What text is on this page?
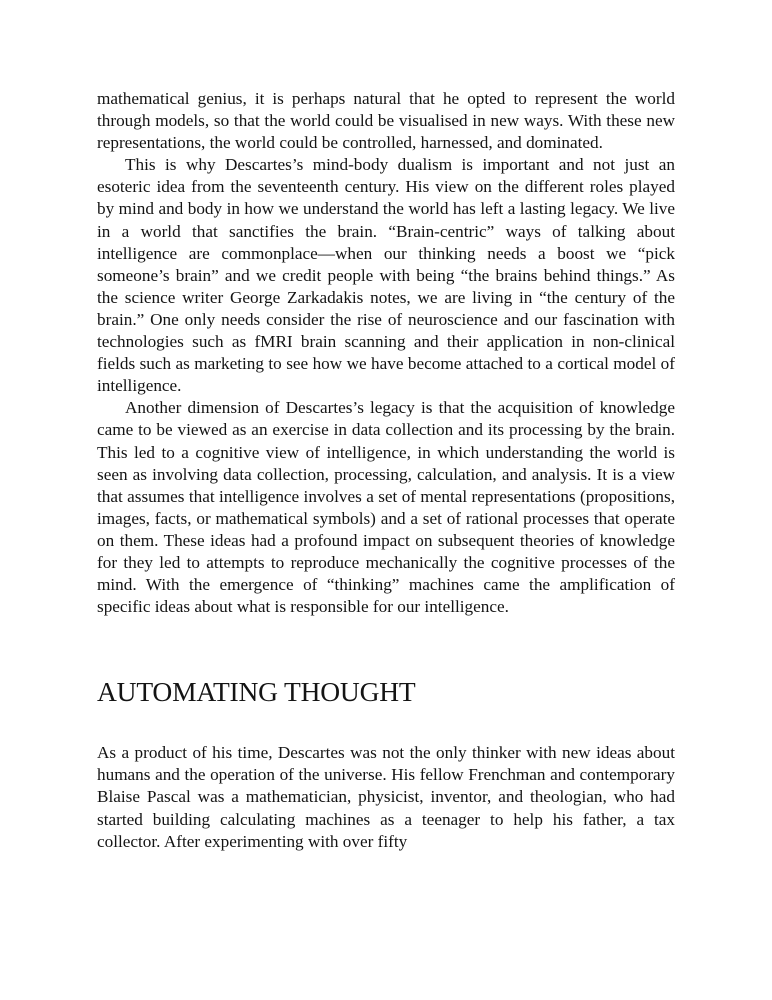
mathematical genius, it is perhaps natural that he opted to represent the world through models, so that the world could be visualised in new ways. With these new representations, the world could be controlled, harnessed, and dominated.

This is why Descartes’s mind-body dualism is important and not just an esoteric idea from the seventeenth century. His view on the different roles played by mind and body in how we understand the world has left a lasting legacy. We live in a world that sanctifies the brain. “Brain-centric” ways of talking about intelligence are commonplace—when our thinking needs a boost we “pick someone’s brain” and we credit people with being “the brains behind things.” As the science writer George Zarkadakis notes, we are living in “the century of the brain.” One only needs consider the rise of neuroscience and our fascination with technologies such as fMRI brain scanning and their application in non-clinical fields such as marketing to see how we have become attached to a cortical model of intelligence.

Another dimension of Descartes’s legacy is that the acquisition of knowledge came to be viewed as an exercise in data collection and its processing by the brain. This led to a cognitive view of intelligence, in which understanding the world is seen as involving data collection, processing, calculation, and analysis. It is a view that assumes that intelligence involves a set of mental representations (propositions, images, facts, or mathematical symbols) and a set of rational processes that operate on them. These ideas had a profound impact on subsequent theories of knowledge for they led to attempts to reproduce mechanically the cognitive processes of the mind. With the emergence of “thinking” machines came the amplification of specific ideas about what is responsible for our intelligence.

AUTOMATING THOUGHT

As a product of his time, Descartes was not the only thinker with new ideas about humans and the operation of the universe. His fellow Frenchman and contemporary Blaise Pascal was a mathematician, physicist, inventor, and theologian, who had started building calculating machines as a teenager to help his father, a tax collector. After experimenting with over fifty
